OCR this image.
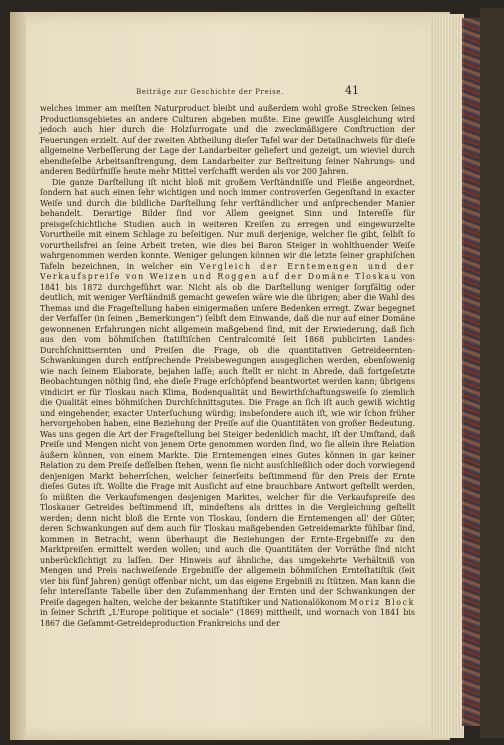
Beiträge zur Geschichte der Preise.	41

welches immer am meiſten Naturproduct bleibt und außerdem wohl große Strecken ſeines Productionsgebietes an andere Culturen abgeben mußte. Eine gewiſſe Ausgleichung wird jedoch auch hier durch die Holzſurrogate und die zweckmäßigere Conſtruction der Feuerungen erzielt. Auf der zweiten Abtheilung dieſer Tafel war der Detailnachweis für dieſe allgemeine Verbeſſerung der Lage der Landarbeiter geliefert und gezeigt, um wieviel durch ebendieſelbe Arbeitsanſtrengung, dem Landarbeiter zur Beſtreitung ſeiner Nahrungs- und anderen Bedürfniſſe heute mehr Mittel verſchafft werden als vor 200 Jahren.

Die ganze Darſtellung iſt nicht bloß mit großem Verſtändniſſe und Fleiße angeordnet, ſondern hat auch einen ſehr wichtigen und noch immer controverſen Gegenſtand in exacter Weiſe und durch die bildliche Darſtellung ſehr verſtändlicher und anſprechender Manier behandelt. Derartige Bilder ſind vor Allem geeignet Sinn und Intereſſe für preisgeſchichtliche Studien auch in weiteren Kreiſen zu erregen und eingewurzelte Vorurtheile mit einem Schlage zu beſeitigen. Nur muß derjenige, welcher ſie gibt, ſelbſt ſo vorurtheilsfrei an ſeine Arbeit treten, wie dies bei Baron Steiger in wohlthuender Weiſe wahrgenommen werden konnte. Weniger gelungen können wir die letzte ſeiner graphiſchen Tafeln bezeichnen, in welcher ein Vergleich der Erntemengen und der Verkaufspreiſe von Weizen und Roggen auf der Domäne Tloskau von 1841 bis 1872 durchgeführt war. Nicht als ob die Darſtellung weniger ſorgfältig oder deutlich, mit weniger Verſtändniß gemacht geweſen wäre wie die übrigen; aber die Wahl des Themas und die Frageſtellung haben einigermaßen unſere Bedenken erregt. Zwar begegnet der Verfaſſer (in ſeinen „Bemerkungen“) ſelbſt dem Einwande, daß die nur auf einer Domäne gewonnenen Erfahrungen nicht allgemein maßgebend ſind, mit der Erwiederung, daß ſich aus den vom böhmiſchen ſtatiſtiſchen Centralcomité ſeit 1868 publicirten Landes-Durchſchnittsernten und Preiſen die Frage, ob die quantitativen Getreideernten-Schwankungen durch entſprechende Preisbewegungen ausgeglichen werden, ebenſowenig wie nach ſeinem Elaborate, bejahen laſſe; auch ſtellt er nicht in Abrede, daß fortgeſetzte Beobachtungen nöthig ſind, ehe dieſe Frage erſchöpfend beantwortet werden kann; übrigens vindicirt er für Tloskau nach Klima, Bodenqualität und Bewirthſchaftungsweiſe ſo ziemlich die Qualität eines böhmiſchen Durchſchnittsgutes. Die Frage an ſich iſt auch gewiß wichtig und eingehender, exacter Unterſuchung würdig; insbeſondere auch iſt, wie wir ſchon früher hervorgehoben haben, eine Beziehung der Preiſe auf die Quantitäten von großer Bedeutung. Was uns gegen die Art der Frageſtellung bei Steiger bedenklich macht, iſt der Umſtand, daß Preiſe und Mengen nicht von jenem Orte genommen worden ſind, wo ſie allein ihre Relation äußern können, von einem Markte. Die Erntemengen eines Gutes können in gar keiner Relation zu dem Preiſe deſſelben ſtehen, wenn ſie nicht ausſchließlich oder doch vorwiegend denjenigen Markt beherrſchen, welcher ſeinerſeits beſtimmend für den Preis der Ernte dieſes Gutes iſt. Wollte die Frage mit Ausſicht auf eine brauchbare Antwort geſtellt werden, ſo müßten die Verkaufsmengen desjenigen Marktes, welcher für die Verkaufspreiſe des Tloskauer Getreides beſtimmend iſt, mindeſtens als drittes in die Vergleichung geſtellt werden; denn nicht bloß die Ernte von Tloskau, ſondern die Erntemengen all' der Güter, deren Schwankungen auf dem auch für Tloskau maßgebenden Getreidemarkte fühlbar ſind, kommen in Betracht, wenn überhaupt die Beziehungen der Ernte-Ergebniſſe zu den Marktpreiſen ermittelt werden wollen; und auch die Quantitäten der Vorräthe ſind nicht unberückſichtigt zu laſſen. Der Hinweis auf ähnliche, das umgekehrte Verhältniß von Mengen und Preis nachweiſende Ergebniſſe der allgemein böhmiſchen Ernteſtatiſtik (ſeit vier bis fünf Jahren) genügt offenbar nicht, um das eigene Ergebniß zu ſtützen. Man kann die ſehr intereſſante Tabelle über den Zuſammenhang der Ernten und der Schwankungen der Preiſe dagegen halten, welche der bekannte Statiſtiker und Nationalökonom Moriz Block in ſeiner Schrift „L'Europe politique et sociale“ (1869) mittheilt, und wornach von 1841 bis 1867 die Geſammt-Getreideproduction Frankreichs und der
